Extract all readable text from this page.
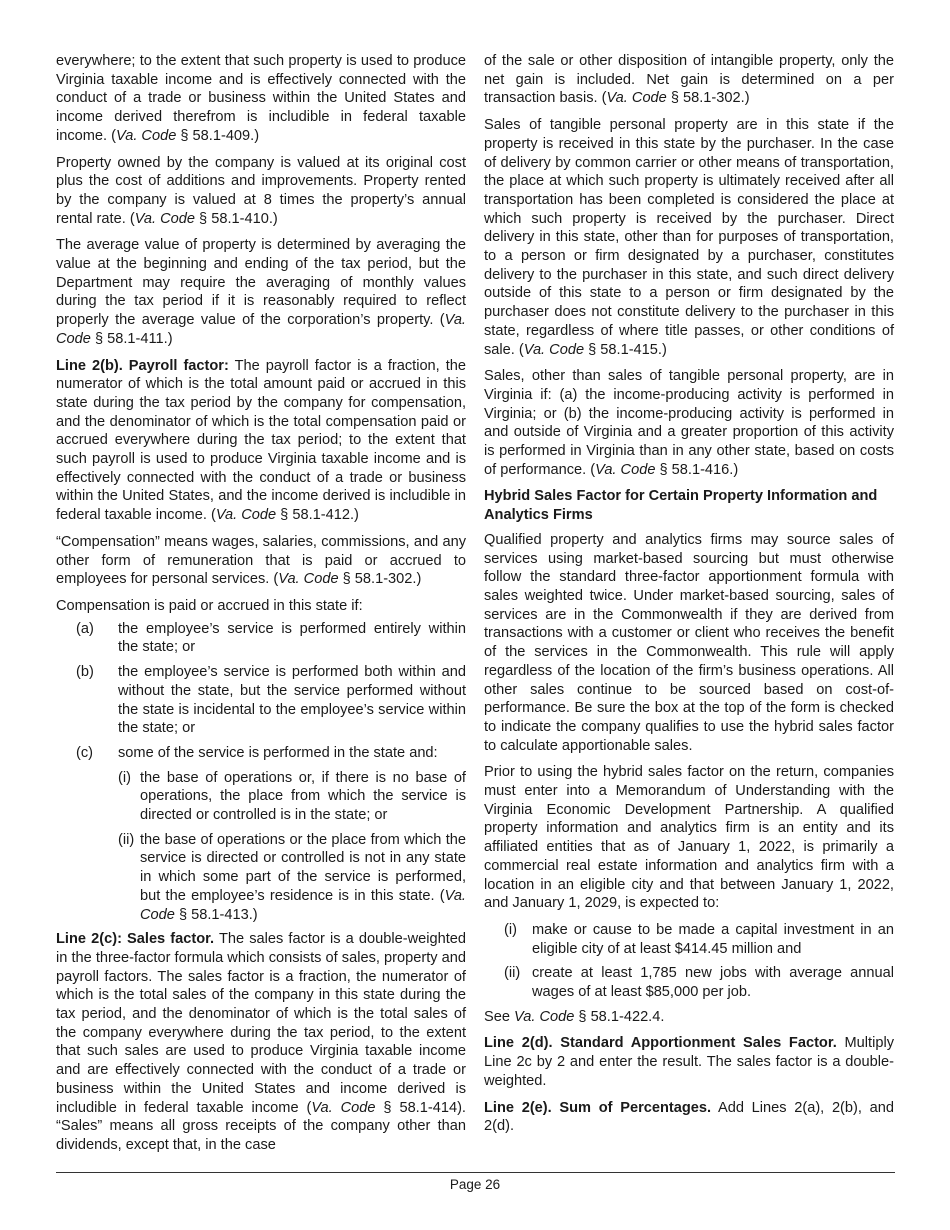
everywhere; to the extent that such property is used to produce Virginia taxable income and is effectively connected with the conduct of a trade or business within the United States and income derived therefrom is includible in federal taxable income. (Va. Code § 58.1-409.)

Property owned by the company is valued at its original cost plus the cost of additions and improvements. Property rented by the company is valued at 8 times the property’s annual rental rate. (Va. Code § 58.1-410.)

The average value of property is determined by averaging the value at the beginning and ending of the tax period, but the Department may require the averaging of monthly values during the tax period if it is reasonably required to reflect properly the average value of the corporation’s property. (Va. Code § 58.1-411.)

Line 2(b). Payroll factor: The payroll factor is a fraction, the numerator of which is the total amount paid or accrued in this state during the tax period by the company for compensation, and the denominator of which is the total compensation paid or accrued everywhere during the tax period; to the extent that such payroll is used to produce Virginia taxable income and is effectively connected with the conduct of a trade or business within the United States, and the income derived is includible in federal taxable income. (Va. Code § 58.1-412.)

“Compensation” means wages, salaries, commissions, and any other form of remuneration that is paid or accrued to employees for personal services. (Va. Code § 58.1-302.)

Compensation is paid or accrued in this state if:

(a)	the employee’s service is performed entirely within the state; or
(b)	the employee’s service is performed both within and without the state, but the service performed without the state is incidental to the employee’s service within the state; or
(c)	some of the service is performed in the state and:
(i) the base of operations or, if there is no base of operations, the place from which the service is directed or controlled is in the state; or
(ii) the base of operations or the place from which the service is directed or controlled is not in any state in which some part of the service is performed, but the employee’s residence is in this state. (Va. Code § 58.1-413.)

Line 2(c): Sales factor. The sales factor is a double-weighted in the three-factor formula which consists of sales, property and payroll factors. The sales factor is a fraction, the numerator of which is the total sales of the company in this state during the tax period, and the denominator of which is the total sales of the company everywhere during the tax period, to the extent that such sales are used to produce Virginia taxable income and are effectively connected with the conduct of a trade or business within the United States and income derived is includible in federal taxable income (Va. Code § 58.1-414). “Sales” means all gross receipts of the company other than dividends, except that, in the case

of the sale or other disposition of intangible property, only the net gain is included. Net gain is determined on a per transaction basis. (Va. Code § 58.1-302.)

Sales of tangible personal property are in this state if the property is received in this state by the purchaser. In the case of delivery by common carrier or other means of transportation, the place at which such property is ultimately received after all transportation has been completed is considered the place at which such property is received by the purchaser. Direct delivery in this state, other than for purposes of transportation, to a person or firm designated by a purchaser, constitutes delivery to the purchaser in this state, and such direct delivery outside of this state to a person or firm designated by the purchaser does not constitute delivery to the purchaser in this state, regardless of where title passes, or other conditions of sale. (Va. Code § 58.1-415.)

Sales, other than sales of tangible personal property, are in Virginia if: (a) the income-producing activity is performed in Virginia; or (b) the income-producing activity is performed in and outside of Virginia and a greater proportion of this activity is performed in Virginia than in any other state, based on costs of performance. (Va. Code § 58.1-416.)

Hybrid Sales Factor for Certain Property Information and Analytics Firms

Qualified property and analytics firms may source sales of services using market-based sourcing but must otherwise follow the standard three-factor apportionment formula with sales weighted twice. Under market-based sourcing, sales of services are in the Commonwealth if they are derived from transactions with a customer or client who receives the benefit of the services in the Commonwealth. This rule will apply regardless of the location of the firm’s business operations. All other sales continue to be sourced based on cost-of-performance. Be sure the box at the top of the form is checked to indicate the company qualifies to use the hybrid sales factor to calculate apportionable sales.

Prior to using the hybrid sales factor on the return, companies must enter into a Memorandum of Understanding with the Virginia Economic Development Partnership. A qualified property information and analytics firm is an entity and its affiliated entities that as of January 1, 2022, is primarily a commercial real estate information and analytics firm with a location in an eligible city and that between January 1, 2022, and January 1, 2029, is expected to:

(i)	make or cause to be made a capital investment in an eligible city of at least $414.45 million and
(ii) create at least 1,785 new jobs with average annual wages of at least $85,000 per job.

See Va. Code § 58.1-422.4.

Line 2(d). Standard Apportionment Sales Factor. Multiply Line 2c by 2 and enter the result. The sales factor is a double-weighted.

Line 2(e). Sum of Percentages. Add Lines 2(a), 2(b), and 2(d).

Page 26
